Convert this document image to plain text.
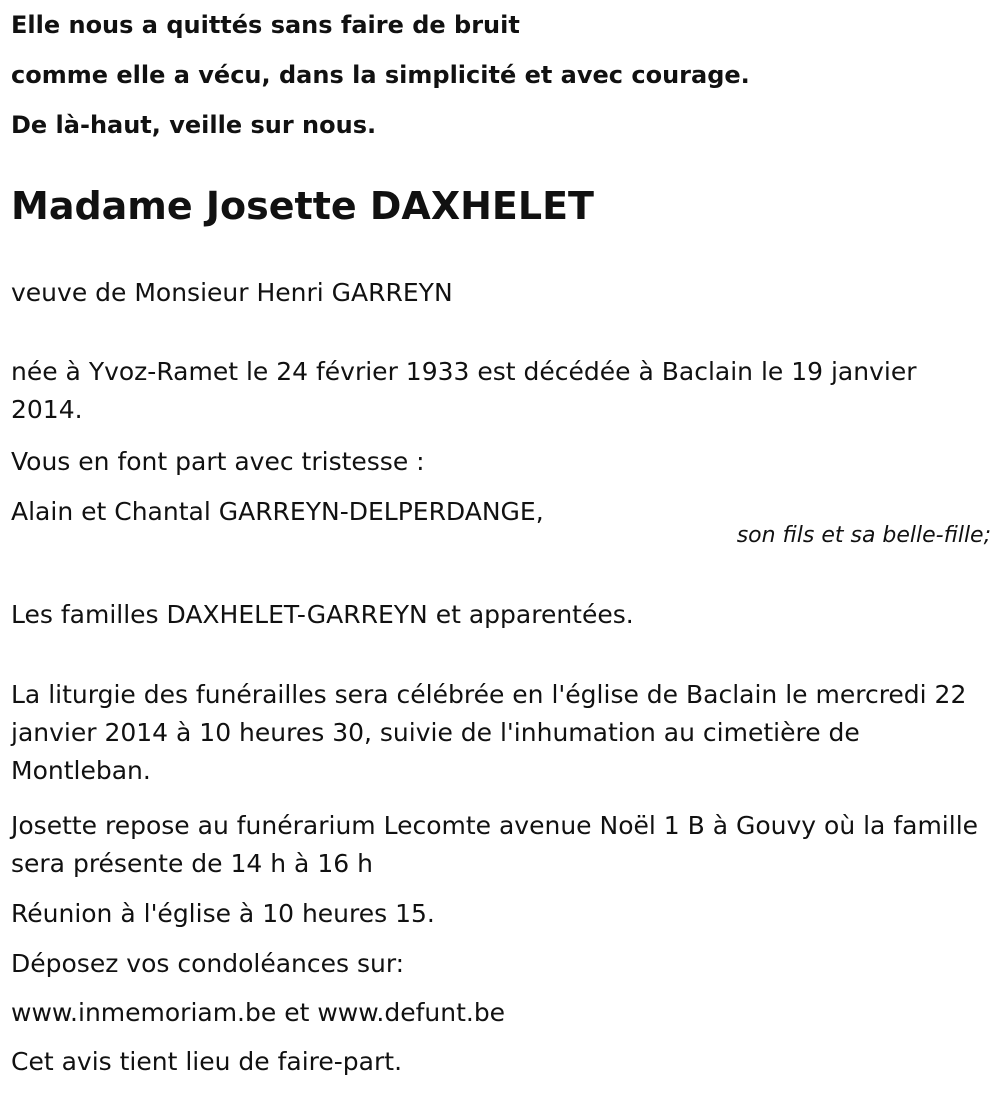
Elle nous a quittés sans faire de bruit
comme elle a vécu, dans la simplicité et avec courage.
De là-haut, veille sur nous.
Madame Josette DAXHELET

veuve de Monsieur Henri GARREYN

née à Yvoz-Ramet le 24 février 1933 est décédée à Baclain le 19 janvier 2014.

Vous en font part avec tristesse :

Alain et Chantal GARREYN-DELPERDANGE,

son fils et sa belle-fille;

Les familles DAXHELET-GARREYN et apparentées.

La liturgie des funérailles sera célébrée en l'église de Baclain le mercredi 22 janvier 2014 à 10 heures 30, suivie de l'inhumation au cimetière de Montleban.

Josette repose au funérarium Lecomte avenue Noël 1 B à Gouvy où la famille sera présente de 14 h à 16 h

Réunion à l'église à 10 heures 15.

Déposez vos condoléances sur:

www.inmemoriam.be et www.defunt.be

Cet avis tient lieu de faire-part.
